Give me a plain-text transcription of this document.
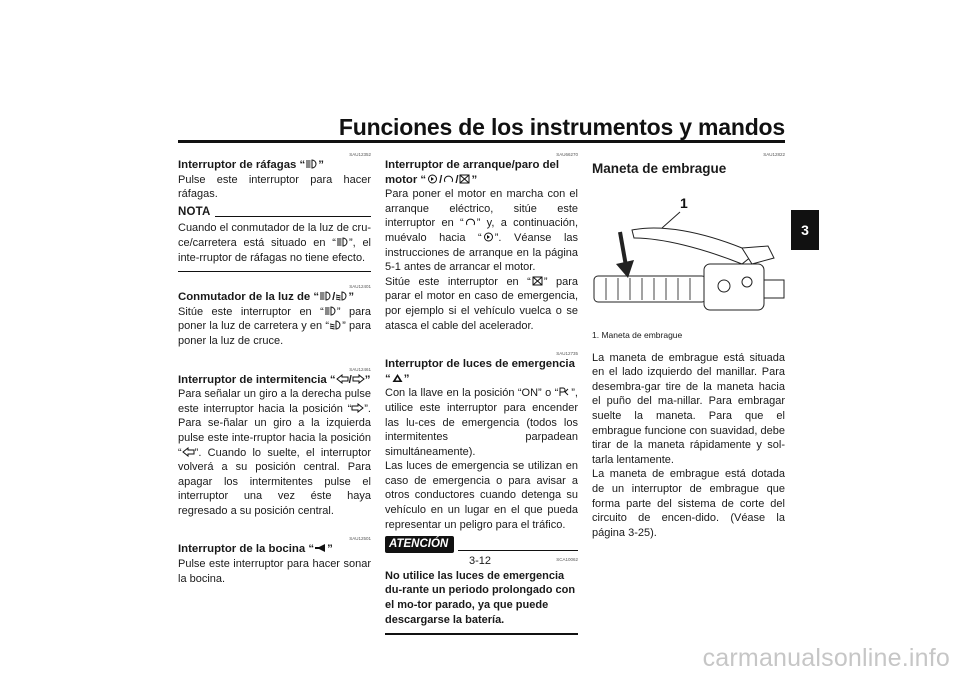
Funciones de los instrumentos y mandos
3
SAU12352
Interruptor de ráfagas “ ”

Pulse este interruptor para hacer ráfagas.

NOTA

Cuando el conmutador de la luz de cru-ce/carretera está situado en “ ”, el inte-rruptor de ráfagas no tiene efecto.

SAU12401
Conmutador de la luz de “ / ”

Sitúe este interruptor en “ ” para poner la luz de carretera y en “ ” para poner la luz de cruce.

SAU12461
Interruptor de intermitencia “ / ”

Para señalar un giro a la derecha pulse este interruptor hacia la posición “ ”. Para se-ñalar un giro a la izquierda pulse este inte-rruptor hacia la posición “ ”. Cuando lo suelte, el interruptor volverá a su posición central. Para apagar los intermitentes pulse el interruptor una vez éste haya regresado a su posición central.

SAU12501
Interruptor de la bocina “ ”

Pulse este interruptor para hacer sonar la bocina.

SAU66270
Interruptor de arranque/paro del motor “ / / ”

Para poner el motor en marcha con el arranque eléctrico, sitúe este interruptor en “ ” y, a continuación, muévalo hacia “ ”. Véanse las instrucciones de arranque en la página 5-1 antes de arrancar el motor.

Sitúe este interruptor en “ ” para parar el motor en caso de emergencia, por ejemplo si el vehículo vuelca o se atasca el cable del acelerador.

SAU12735
Interruptor de luces de emergencia “ ”

Con la llave en la posición “ON” o “ ”, utilice este interruptor para encender las lu-ces de emergencia (todos los intermitentes parpadean simultáneamente).

Las luces de emergencia se utilizan en caso de emergencia o para avisar a otros conductores cuando detenga su vehículo en un lugar en el que pueda representar un peligro para el tráfico.

ATENCIÓN
SCA10062

No utilice las luces de emergencia du-rante un periodo prolongado con el mo-tor parado, ya que puede descargarse la batería.

SAU12822
Maneta de embrague
1
1. Maneta de embrague

La maneta de embrague está situada en el lado izquierdo del manillar. Para desembra-gar tire de la maneta hacia el puño del ma-nillar. Para embragar suelte la maneta. Para que el embrague funcione con suavidad, debe tirar de la maneta rápidamente y sol-tarla lentamente.

La maneta de embrague está dotada de un interruptor de embrague que forma parte del sistema de corte del circuito de encen-dido. (Véase la página 3-25).

3-12
carmanualsonline.info
